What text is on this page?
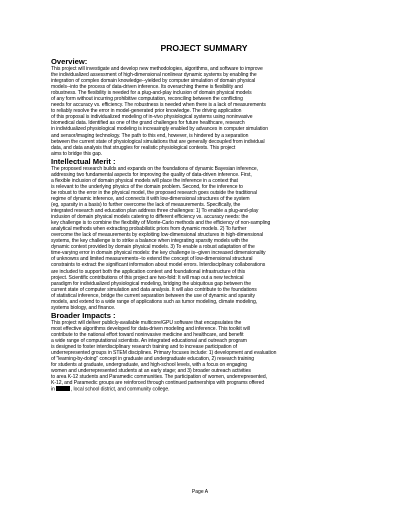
PROJECT SUMMARY
Overview:
This project will investigate and develop new methodologies, algorithms, and software to improve
the individualized assessment of high-dimensional nonlinear dynamic systems by enabling the
integration of complex domain knowledge--yielded by computer simulation of domain physical
models--into the process of data-driven inference. Its overarching theme is flexibility and
robustness. The flexibility is needed for a plug-and-play inclusion of domain physical models
of any form without incurring prohibitive computation, reconciling between the conflicting
needs for accuracy vs. efficiency. The robustness is needed when there is a lack of measurements
to reliably resolve the error in model-generated prior knowledge. The driving application
of this proposal is individualized modeling of in-vivo physiological systems using noninvasive
biomedical data. Identified as one of the grand challenges for future healthcare, research
in individualized physiological modeling is increasingly enabled by advances in computer simulation
and sensor/imaging technology. The path to this end, however, is hindered by a separation
between the current state of physiological simulations that are generally decoupled from individual
data, and data analysis that struggles for realistic physiological contexts. This project
aims to bridge this gap.
Intellectual Merit :
The proposed research builds and expands on the foundations of dynamic Bayesian inference,
addressing two fundamental aspects for improving the quality of data-driven inference. First,
a flexible inclusion of domain physical models will place the inference in a context that
is relevant to the underlying physics of the domain problem. Second, for the inference to
be robust to the error in the physical model, the proposed research goes outside the traditional
regime of dynamic inference, and connects it with low-dimensional structures of the system
(eg, sparsity in a basis) to further overcome the lack of measurements. Specifically, the
integrated research and education plan address three challenges: 1) To enable a plug-and-play
inclusion of domain physical models catering to different efficiency vs. accuracy needs: the
key challenge is to combine the flexibility of Monte-Carlo methods and the efficiency of non-sampling
analytical methods when extracting probabilistic priors from dynamic models. 2) To further
overcome the lack of measurements by exploiting low-dimensional structures in high-dimensional
systems, the key challenge is to strike a balance when integrating sparsity models with the
dynamic context provided by domain physical models. 3) To enable a robust adaptation of the
time-varying error in domain physical models: the key challenge is--given increased dimensionality
of unknowns and limited measurements--to extend the concept of low-dimensional structural
constraints to extract the significant information about model errors. Interdisciplinary collaborations
are included to support both the application context and foundational infrastructure of this
project. Scientific contributions of this project are two-fold: It will map out a new technical
paradigm for individualized physiological modeling, bridging the ubiquitous gap between the
current state of computer simulation and data analysis. It will also contribute to the foundations
of statistical inference, bridge the current separation between the use of dynamic and sparsity
models, and extend to a wide range of applications such as tumor modeling, climate modeling,
systems biology, and finance.
Broader Impacts :
This project will deliver publicly-available multicore/GPU software that encapsulates the
most effective algorithms developed for data-driven modeling and inference. This toolkit will
contribute to the national effort toward noninvasive medicine and healthcare, and benefit
a wide range of computational scientists. An integrated educational and outreach program
is designed to foster interdisciplinary research training and to increase participation of
underrepresented groups in STEM disciplines. Primary focuses include: 1) development and evaluation
of "learning-by-doing" concept in graduate and undergraduate education, 2) research training
for students at graduate, undergraduate, and high-school levels, with a focus on engaging
women and underrepresented students at an early stage; and 3) broader outreach activities
to area K-12 students and Paramedic communities. The participation of women, underrepresented,
K-12, and Paramedic groups are reinforced through continued partnerships with programs offered
in	, local school district, and community college.
Page A
